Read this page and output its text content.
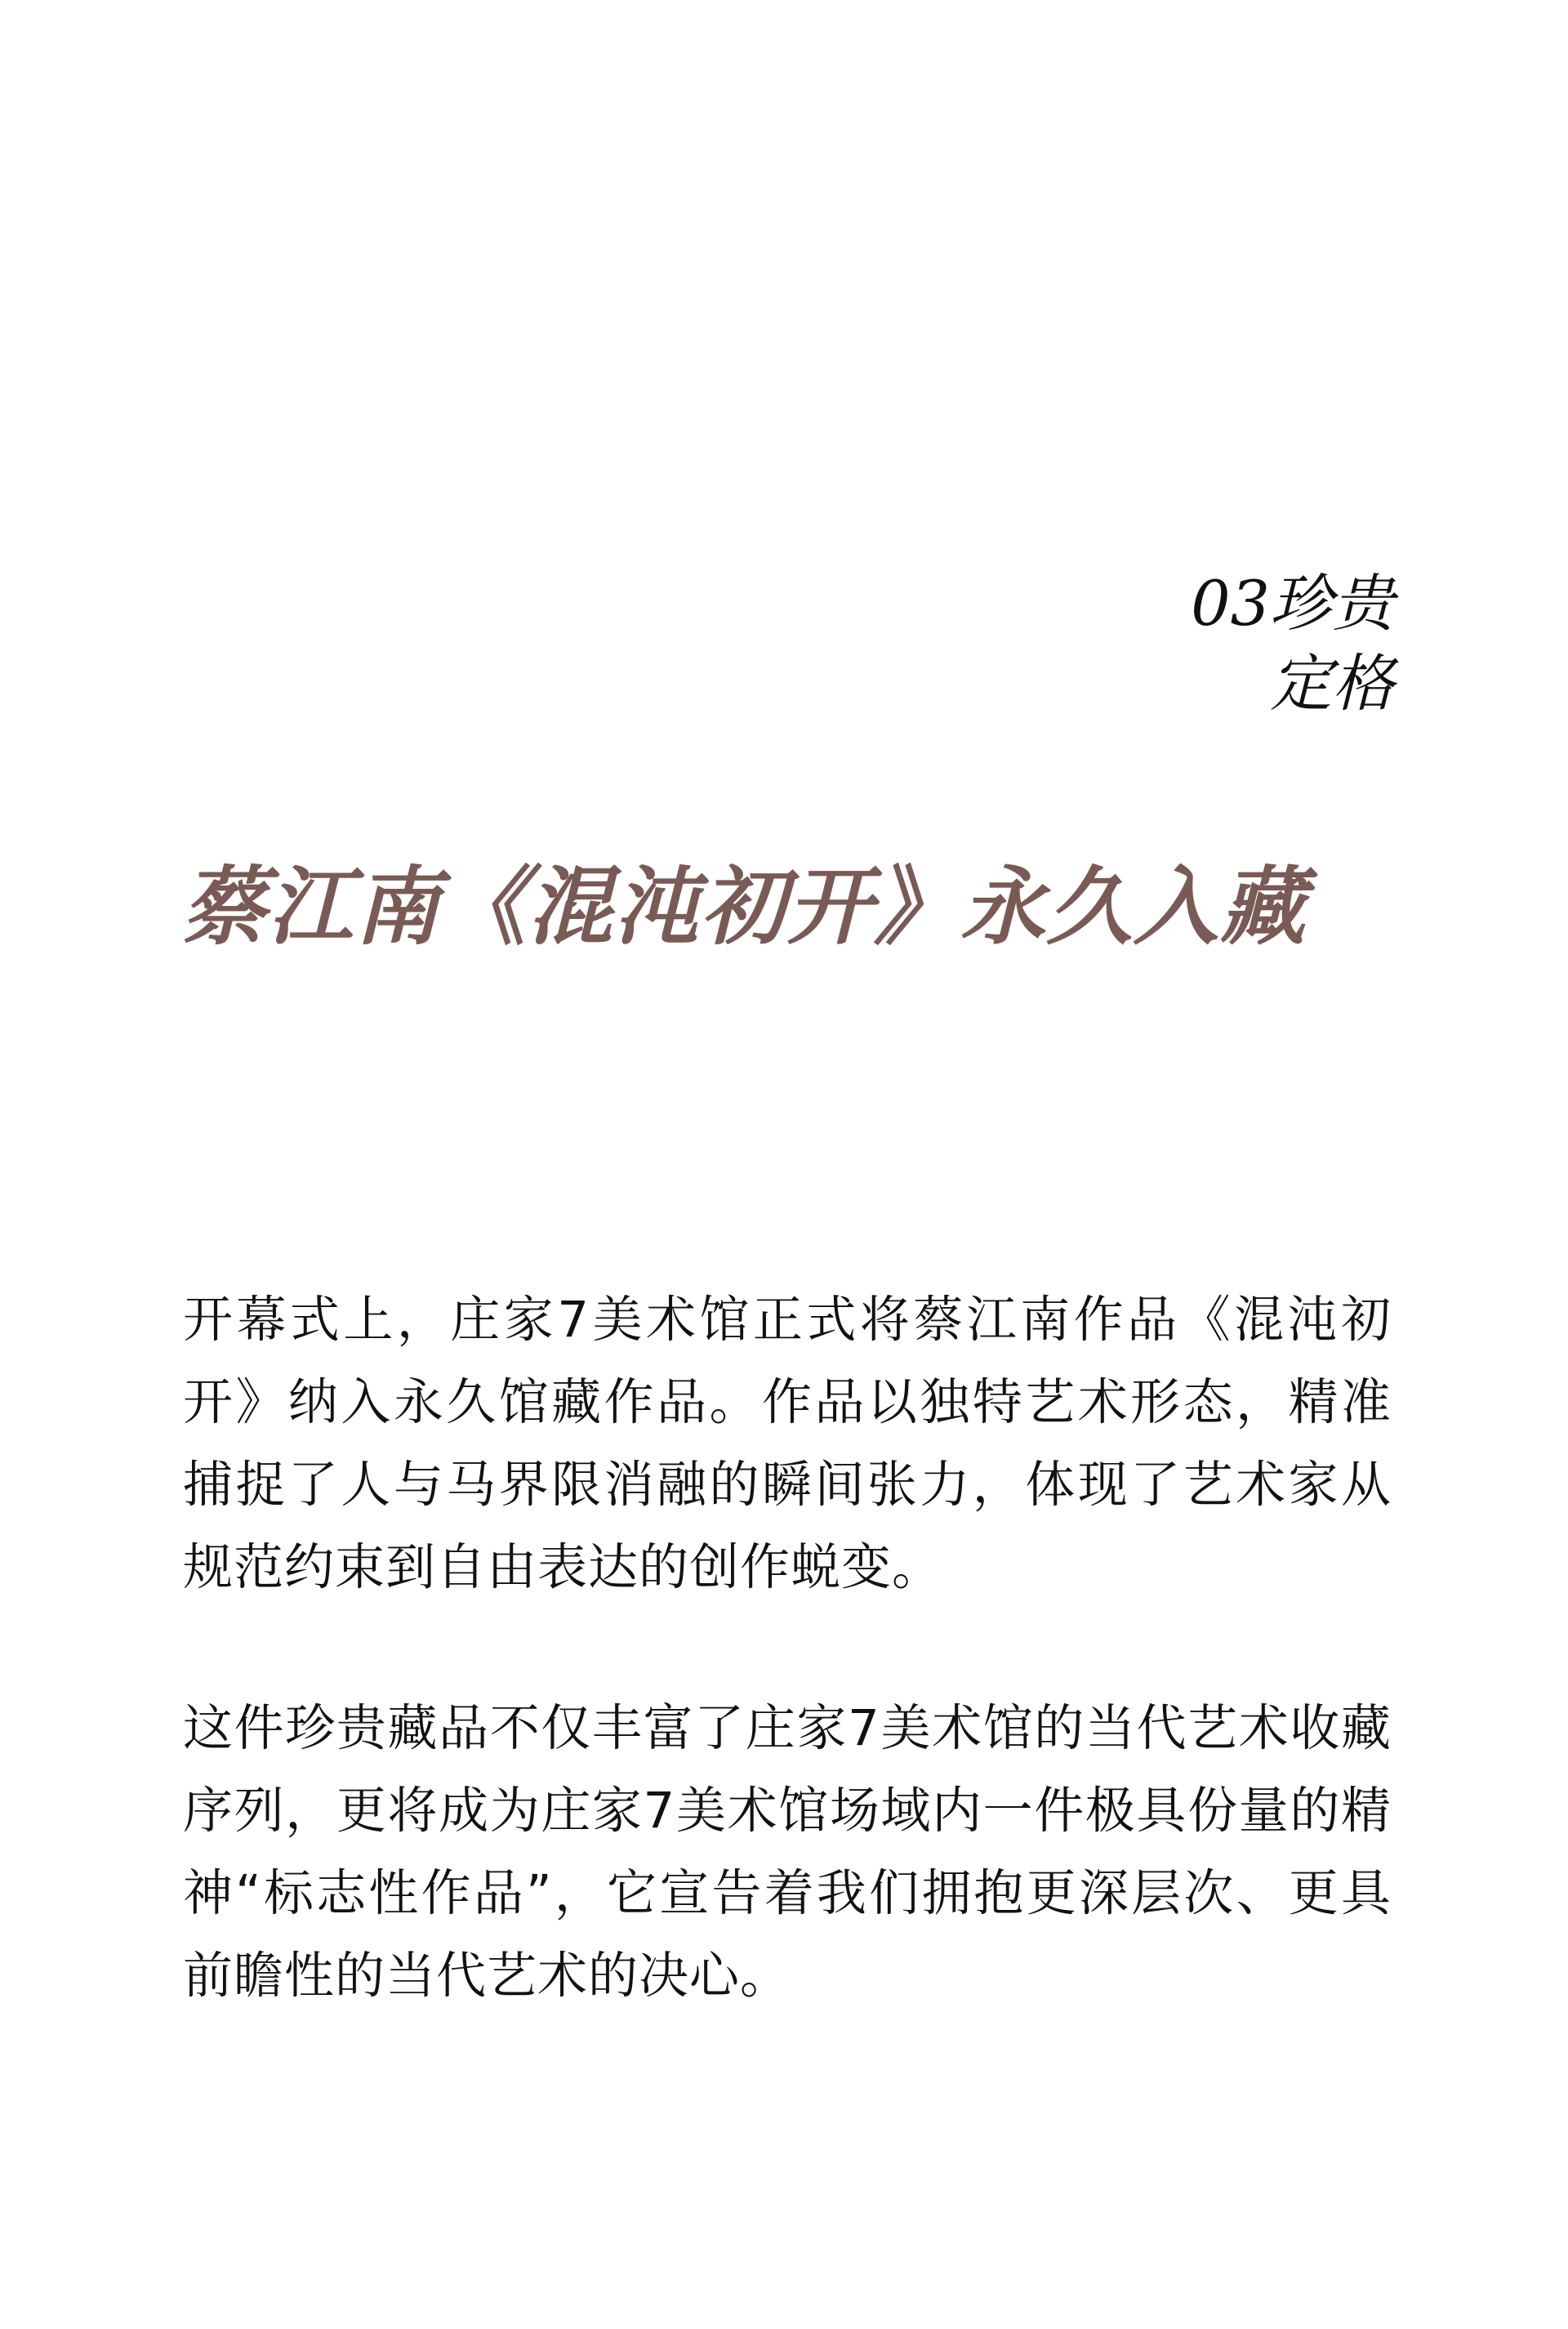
03珍贵
定格
蔡江南《混沌初开》永久入藏
开幕式上，庄家7美术馆正式将蔡江南作品《混沌初开》纳入永久馆藏作品。作品以独特艺术形态，精准捕捉了人与马界限消融的瞬间张力，体现了艺术家从规范约束到自由表达的创作蜕变。
这件珍贵藏品不仅丰富了庄家7美术馆的当代艺术收藏序列，更将成为庄家7美术馆场域内一件极具份量的精神“标志性作品”，它宣告着我们拥抱更深层次、更具前瞻性的当代艺术的决心。
